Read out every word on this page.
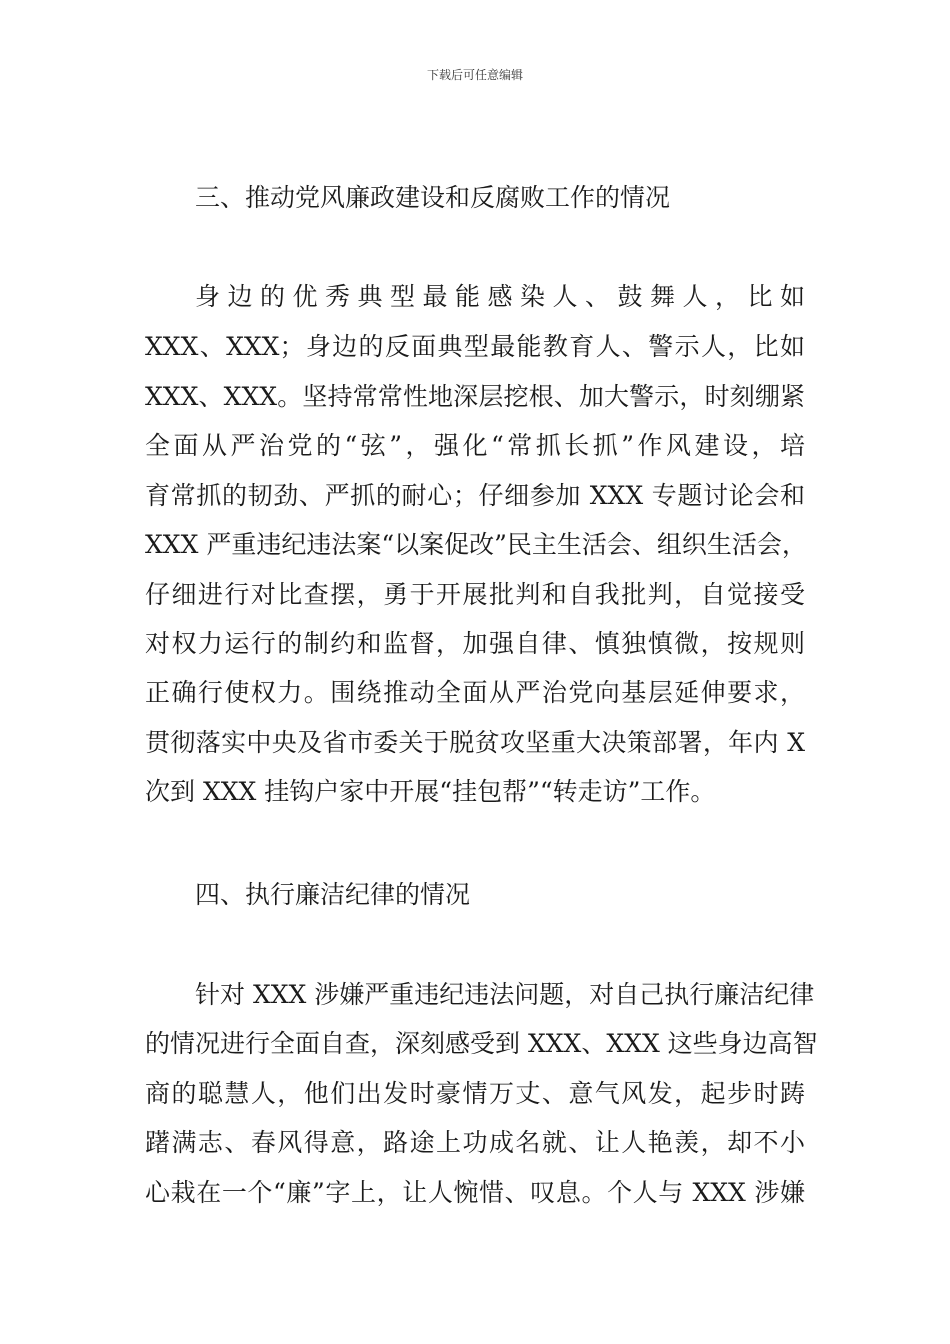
下载后可任意编辑
三、推动党风廉政建设和反腐败工作的情况
身边的优秀典型最能感染人、鼓舞人，比如
XXX、XXX；身边的反面典型最能教育人、警示人，比如
XXX、XXX。坚持常常性地深层挖根、加大警示，时刻绷紧
全面从严治党的“弦”，强化“常抓长抓”作风建设，培
育常抓的韧劲、严抓的耐心；仔细参加 XXX 专题讨论会和
XXX 严重违纪违法案“以案促改”民主生活会、组织生活会，
仔细进行对比查摆，勇于开展批判和自我批判，自觉接受
对权力运行的制约和监督，加强自律、慎独慎微，按规则
正确行使权力。围绕推动全面从严治党向基层延伸要求，
贯彻落实中央及省市委关于脱贫攻坚重大决策部署，年内 X
次到 XXX 挂钩户家中开展“挂包帮”“转走访”工作。
四、执行廉洁纪律的情况
针对 XXX 涉嫌严重违纪违法问题，对自己执行廉洁纪律
的情况进行全面自查，深刻感受到 XXX、XXX 这些身边高智
商的聪慧人，他们出发时豪情万丈、意气风发，起步时踌
躇满志、春风得意，路途上功成名就、让人艳羡，却不小
心栽在一个“廉”字上，让人惋惜、叹息。个人与 XXX 涉嫌
